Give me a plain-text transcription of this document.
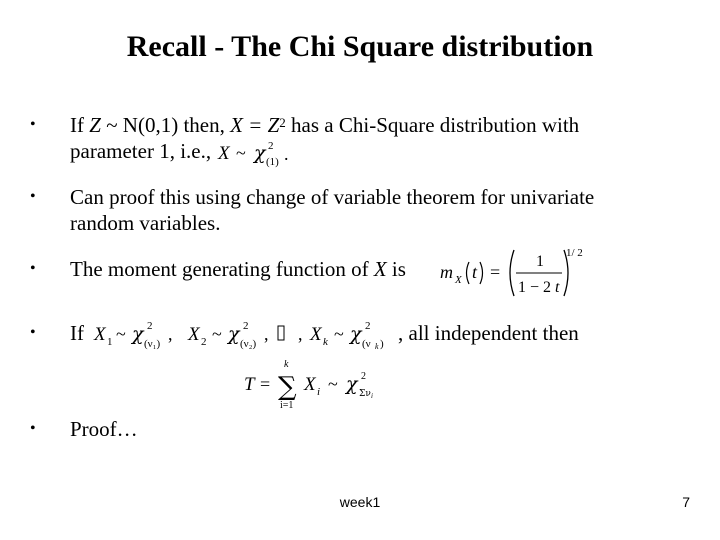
Recall - The Chi Square distribution
• If Z ~ N(0,1) then, $X = Z^2$ has a Chi-Square distribution with
parameter 1, i.e., X ~ χ 2
(1) .
• Can proof this using change of variable theorem for univariate
random variables.
• The moment generating function of X is	m X t =
1
1 − 2 t
1/ 2
• If X 1 ~ χ 2
(ν₁) , X 2 ~ χ 2
(ν₂) , , X k ~ χ 2
(ν k ) , all independent then
T =
k
∑
i=1
X i ~ χ 2
Σν i
• Proof…
week1	7
